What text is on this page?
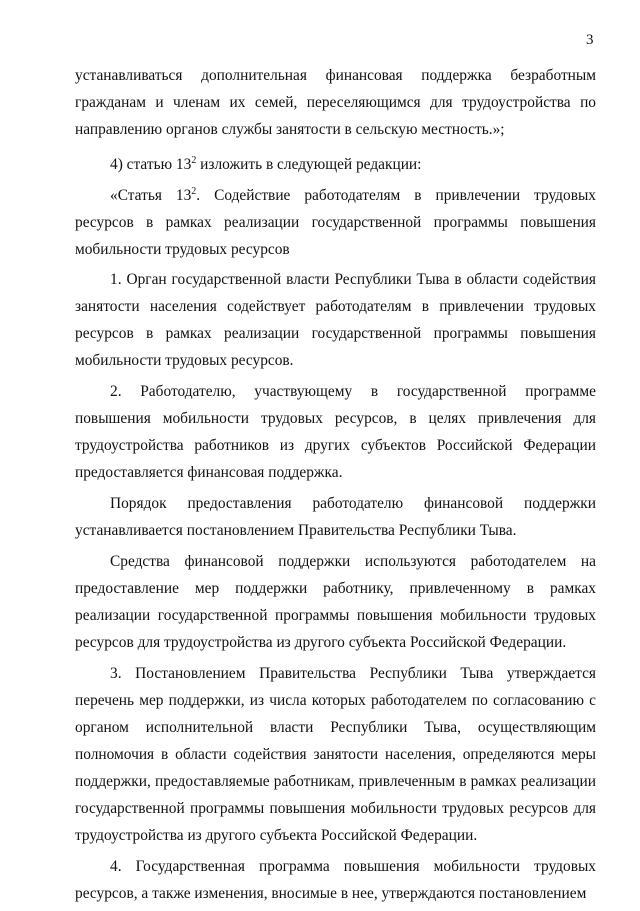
3

устанавливаться дополнительная финансовая поддержка безработным гражданам и членам их семей, переселяющимся для трудоустройства по направлению органов службы занятости в сельскую местность.»;

4) статью $13^2$ изложить в следующей редакции:

«Статья $13^2$. Содействие работодателям в привлечении трудовых ресурсов в рамках реализации государственной программы повышения мобильности трудовых ресурсов

1. Орган государственной власти Республики Тыва в области содействия занятости населения содействует работодателям в привлечении трудовых ресурсов в рамках реализации государственной программы повышения мобильности трудовых ресурсов.

2. Работодателю, участвующему в государственной программе повышения мобильности трудовых ресурсов, в целях привлечения для трудоустройства работников из других субъектов Российской Федерации предоставляется финансовая поддержка.

Порядок предоставления работодателю финансовой поддержки устанавливается постановлением Правительства Республики Тыва.

Средства финансовой поддержки используются работодателем на предоставление мер поддержки работнику, привлеченному в рамках реализации государственной программы повышения мобильности трудовых ресурсов для трудоустройства из другого субъекта Российской Федерации.

3. Постановлением Правительства Республики Тыва утверждается перечень мер поддержки, из числа которых работодателем по согласованию с органом исполнительной власти Республики Тыва, осуществляющим полномочия в области содействия занятости населения, определяются меры поддержки, предоставляемые работникам, привлеченным в рамках реализации государственной программы повышения мобильности трудовых ресурсов для трудоустройства из другого субъекта Российской Федерации.

4. Государственная программа повышения мобильности трудовых ресурсов, а также изменения, вносимые в нее, утверждаются постановлением
